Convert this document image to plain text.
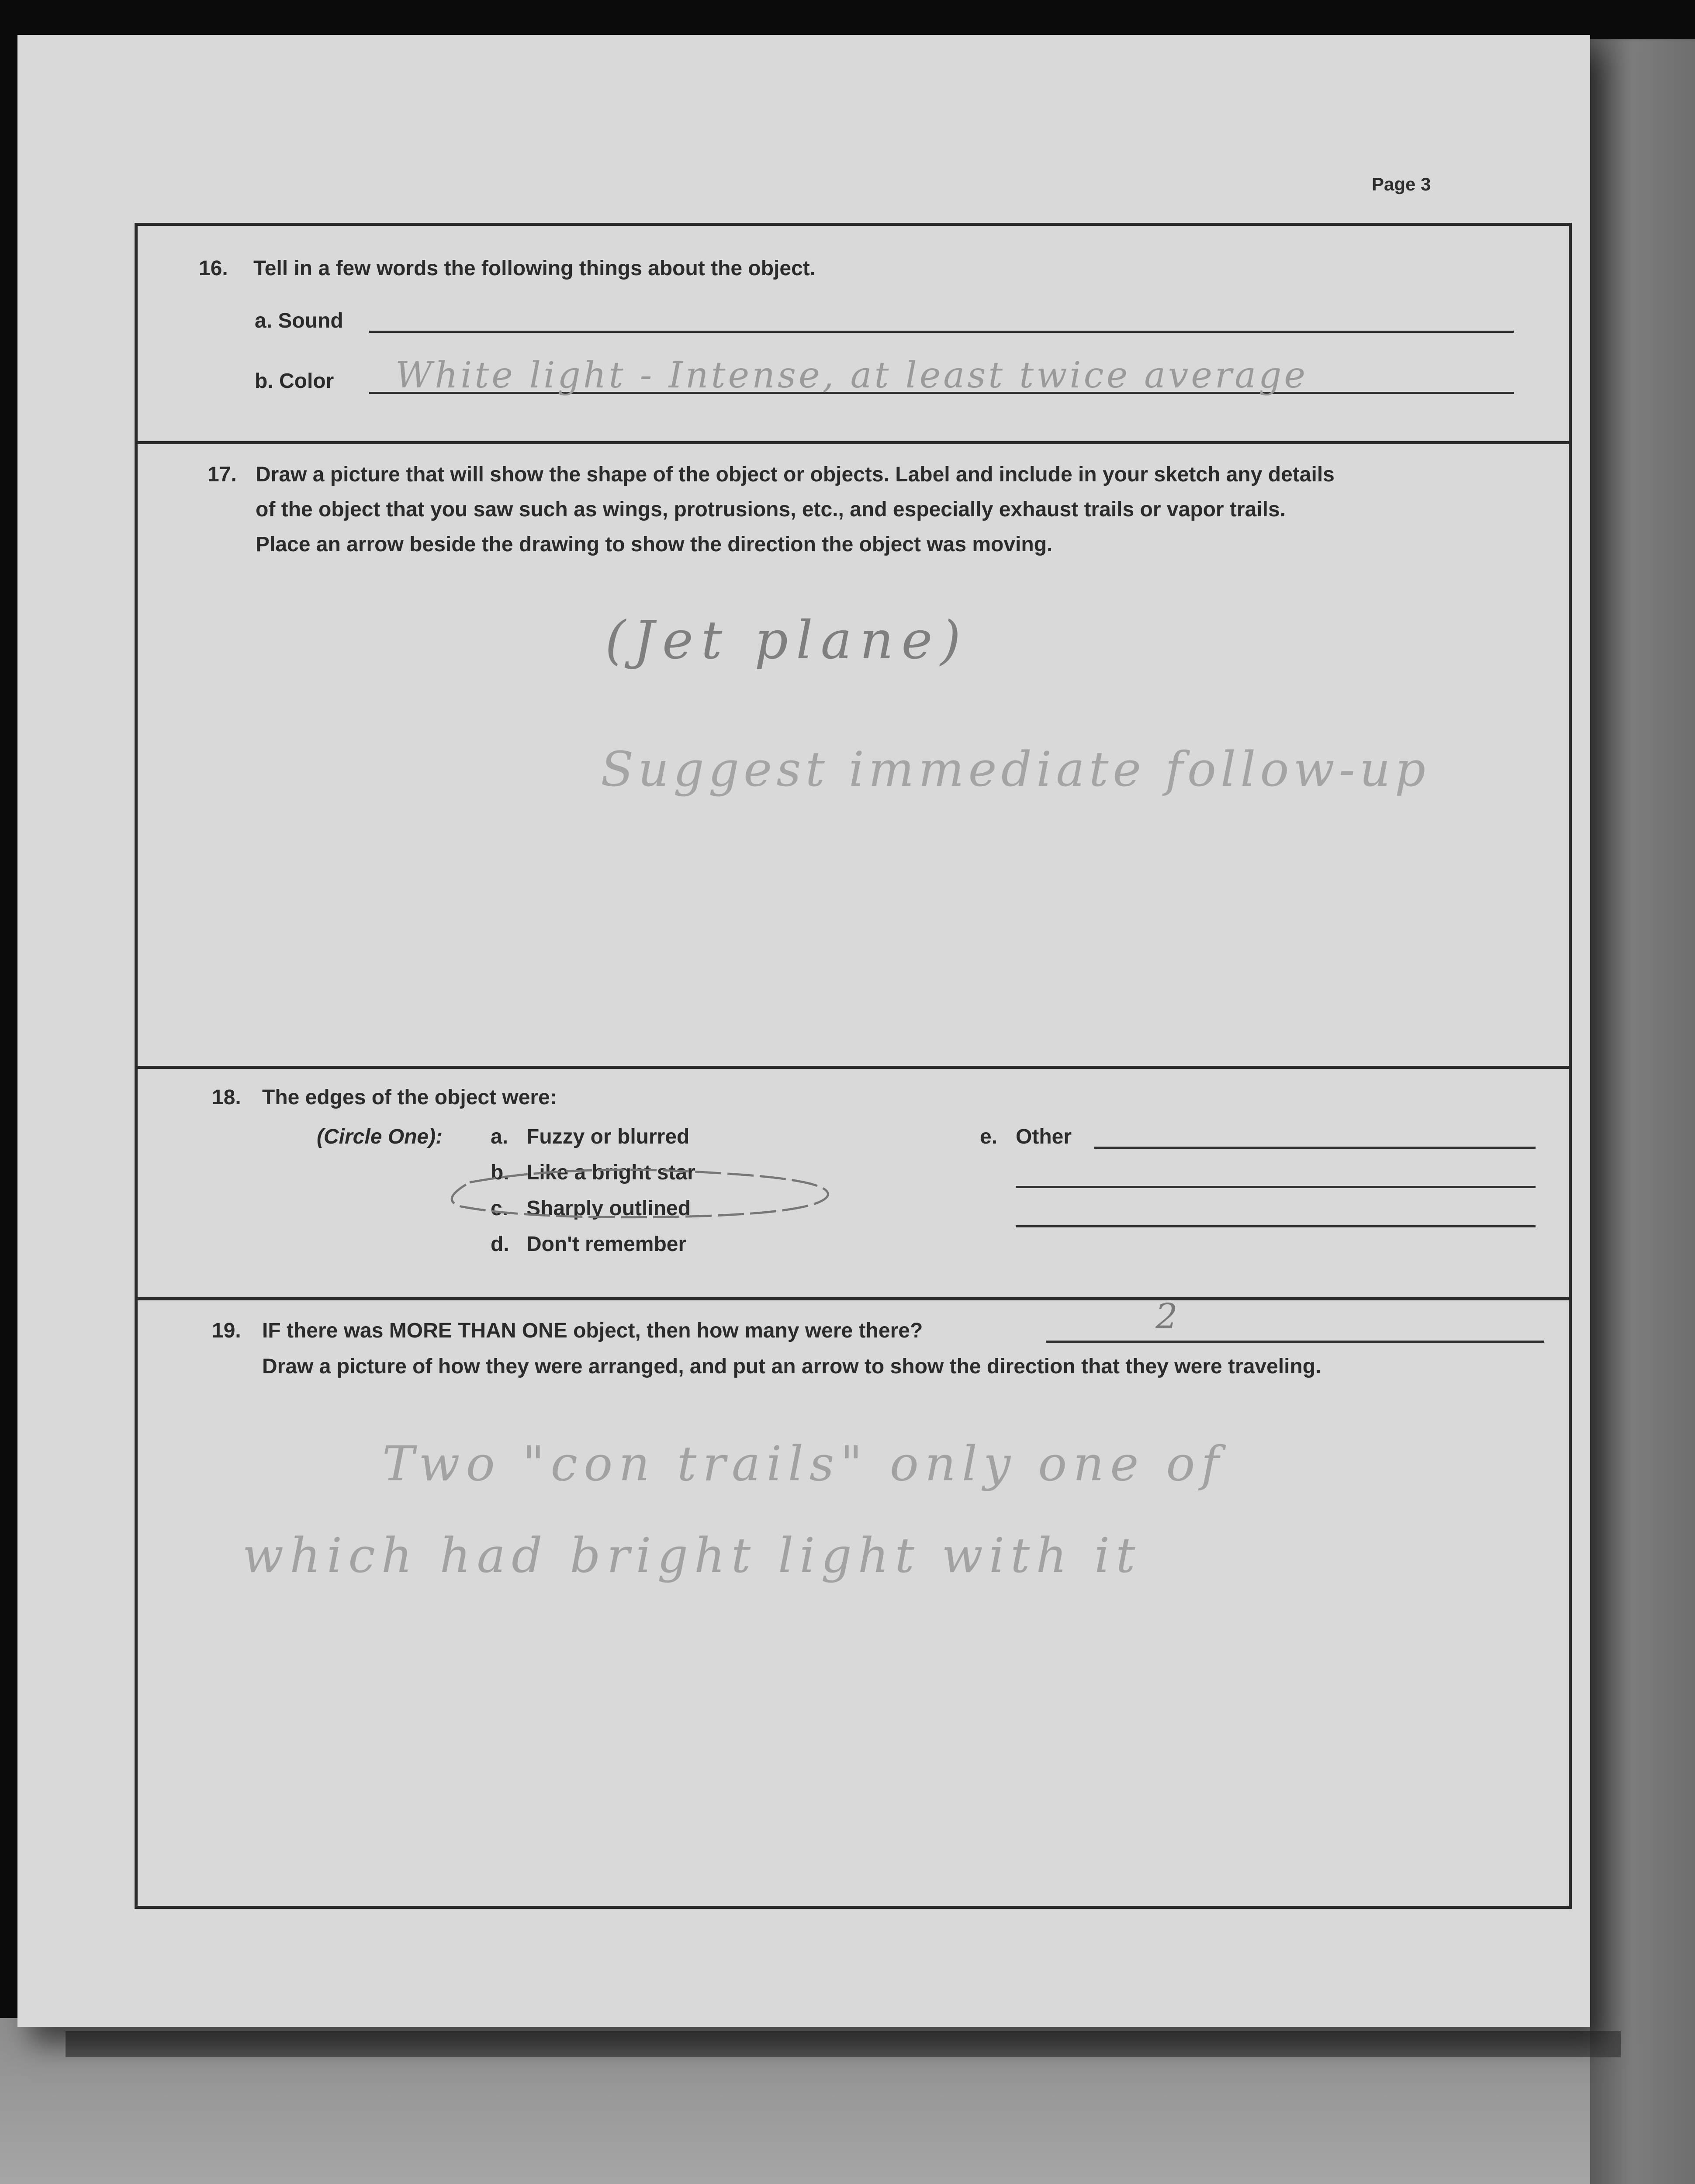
Page 3
16. Tell in a few words the following things about the object.
a. Sound
b. Color White light - Intense, at least twice average
17. Draw a picture that will show the shape of the object or objects. Label and include in your sketch any details
of the object that you saw such as wings, protrusions, etc., and especially exhaust trails or vapor trails.
Place an arrow beside the drawing to show the direction the object was moving.
(Jet plane)
Suggest immediate follow-up
18. The edges of the object were:
(Circle One): a. Fuzzy or blurred
b. Like a bright star
c. Sharply outlined
d. Don't remember
e. Other
19. IF there was MORE THAN ONE object, then how many were there?	2
Draw a picture of how they were arranged, and put an arrow to show the direction that they were traveling.
Two "con trails" only one of
which had bright light with it
